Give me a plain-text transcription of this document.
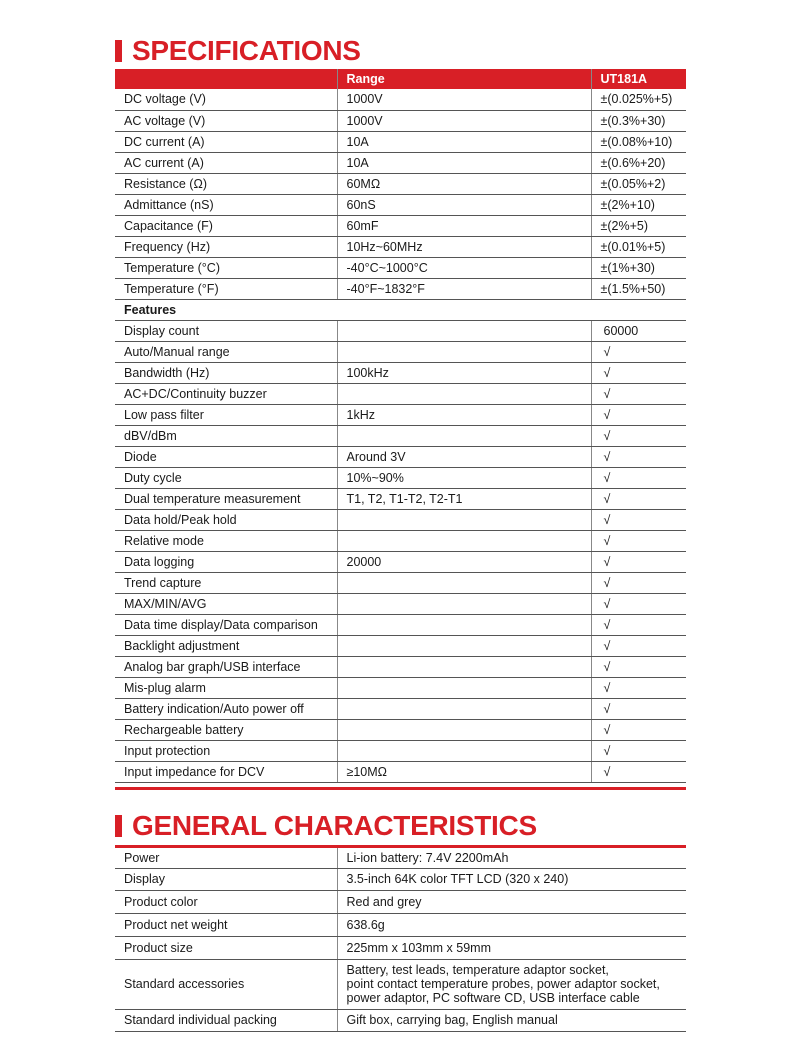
SPECIFICATIONS
	Range	UT181A
DC voltage (V)	1000V	±(0.025%+5)
AC voltage (V)	1000V	±(0.3%+30)
DC current (A)	10A	±(0.08%+10)
AC current (A)	10A	±(0.6%+20)
Resistance (Ω)	60MΩ	±(0.05%+2)
Admittance (nS)	60nS	±(2%+10)
Capacitance (F)	60mF	±(2%+5)
Frequency (Hz)	10Hz~60MHz	±(0.01%+5)
Temperature (°C)	-40°C~1000°C	±(1%+30)
Temperature (°F)	-40°F~1832°F	±(1.5%+50)
Features		
Display count		60000
Auto/Manual range		√
Bandwidth (Hz)	100kHz	√
AC+DC/Continuity buzzer		√
Low pass filter	1kHz	√
dBV/dBm		√
Diode	Around 3V	√
Duty cycle	10%~90%	√
Dual temperature measurement	T1, T2, T1-T2, T2-T1	√
Data hold/Peak hold		√
Relative mode		√
Data logging	20000	√
Trend capture		√
MAX/MIN/AVG		√
Data time display/Data comparison		√
Backlight adjustment		√
Analog bar graph/USB interface		√
Mis-plug alarm		√
Battery indication/Auto power off		√
Rechargeable battery		√
Input protection		√
Input impedance for DCV	≥10MΩ	√
GENERAL CHARACTERISTICS
Power	Li-ion battery: 7.4V 2200mAh
Display	3.5-inch 64K color TFT LCD (320 x 240)
Product color	Red and grey
Product net weight	638.6g
Product size	225mm x 103mm x 59mm
Standard accessories	Battery, test leads, temperature adaptor socket,
point contact temperature probes, power adaptor socket,
power adaptor, PC software CD, USB interface cable

Standard individual packing	Gift box, carrying bag, English manual
